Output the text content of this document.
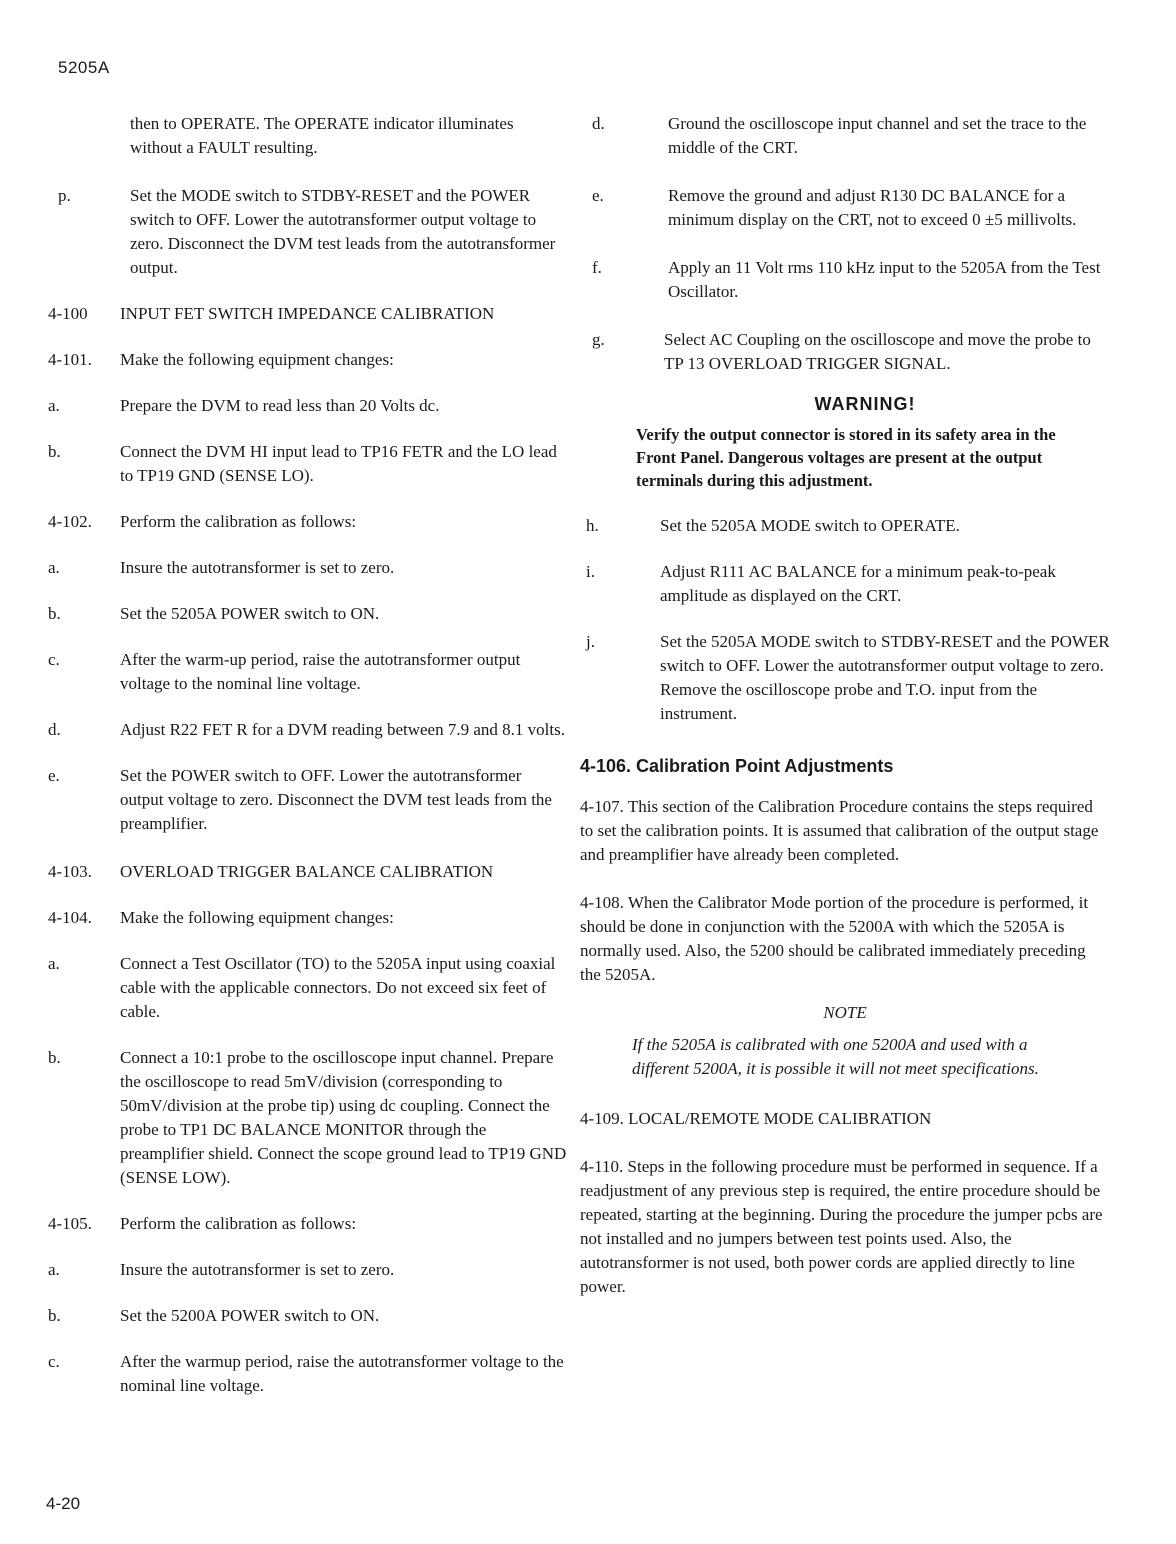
5205A
then to OPERATE. The OPERATE indicator illuminates without a FAULT resulting.
p.	Set the MODE switch to STDBY-RESET and the POWER switch to OFF. Lower the autotransformer output voltage to zero. Disconnect the DVM test leads from the autotransformer output.
4-100	INPUT FET SWITCH IMPEDANCE CALIBRATION
4-101.	Make the following equipment changes:
a.	Prepare the DVM to read less than 20 Volts dc.
b.	Connect the DVM HI input lead to TP16 FETR and the LO lead to TP19 GND (SENSE LO).
4-102.	Perform the calibration as follows:
a.	Insure the autotransformer is set to zero.
b.	Set the 5205A POWER switch to ON.
c.	After the warm-up period, raise the autotransformer output voltage to the nominal line voltage.
d.	Adjust R22 FET R for a DVM reading between 7.9 and 8.1 volts.
e.	Set the POWER switch to OFF. Lower the autotransformer output voltage to zero. Disconnect the DVM test leads from the preamplifier.
4-103.	OVERLOAD TRIGGER BALANCE CALIBRATION
4-104.	Make the following equipment changes:
a.	Connect a Test Oscillator (TO) to the 5205A input using coaxial cable with the applicable connectors. Do not exceed six feet of cable.
b.	Connect a 10:1 probe to the oscilloscope input channel. Prepare the oscilloscope to read 5mV/division (corresponding to 50mV/division at the probe tip) using dc coupling. Connect the probe to TP1 DC BALANCE MONITOR through the preamplifier shield. Connect the scope ground lead to TP19 GND (SENSE LOW).
4-105.	Perform the calibration as follows:
a.	Insure the autotransformer is set to zero.
b.	Set the 5200A POWER switch to ON.
c.	After the warmup period, raise the autotransformer voltage to the nominal line voltage.
d.	Ground the oscilloscope input channel and set the trace to the middle of the CRT.
e.	Remove the ground and adjust R130 DC BALANCE for a minimum display on the CRT, not to exceed 0 ±5 millivolts.
f.	Apply an 11 Volt rms 110 kHz input to the 5205A from the Test Oscillator.
g.	Select AC Coupling on the oscilloscope and move the probe to TP 13 OVERLOAD TRIGGER SIGNAL.
WARNING!
Verify the output connector is stored in its safety area in the Front Panel. Dangerous voltages are present at the output terminals during this adjustment.
h.	Set the 5205A MODE switch to OPERATE.
i.	Adjust R111 AC BALANCE for a minimum peak-to-peak amplitude as displayed on the CRT.
j.	Set the 5205A MODE switch to STDBY-RESET and the POWER switch to OFF. Lower the autotransformer output voltage to zero. Remove the oscilloscope probe and T.O. input from the instrument.
4-106. Calibration Point Adjustments
4-107. This section of the Calibration Procedure contains the steps required to set the calibration points. It is assumed that calibration of the output stage and preamplifier have already been completed.
4-108. When the Calibrator Mode portion of the procedure is performed, it should be done in conjunction with the 5200A with which the 5205A is normally used. Also, the 5200 should be calibrated immediately preceding the 5205A.
NOTE
If the 5205A is calibrated with one 5200A and used with a different 5200A, it is possible it will not meet specifications.
4-109. LOCAL/REMOTE MODE CALIBRATION
4-110. Steps in the following procedure must be performed in sequence. If a readjustment of any previous step is required, the entire procedure should be repeated, starting at the beginning. During the procedure the jumper pcbs are not installed and no jumpers between test points used. Also, the autotransformer is not used, both power cords are applied directly to line power.
4-20
